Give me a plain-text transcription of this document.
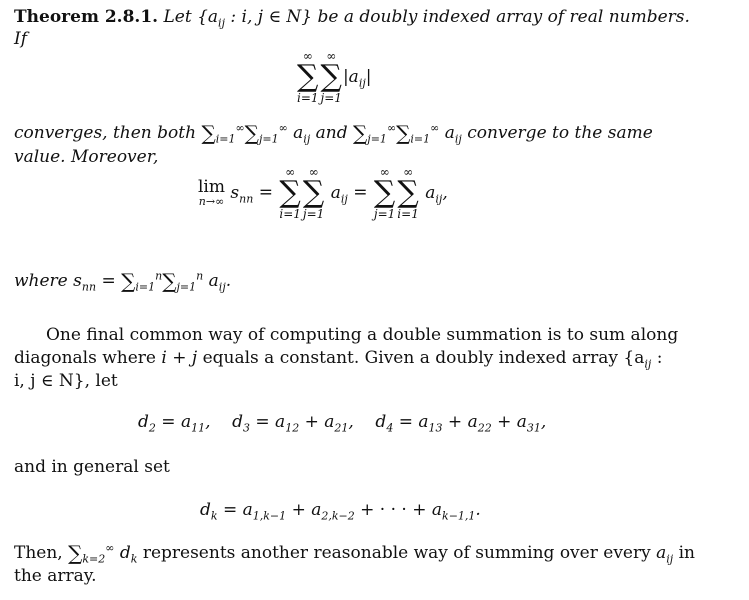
Theorem 2.8.1. Let {$a_{ij}$ : i, j ∈ N} be a doubly indexed array of real numbers.
If
∞
∑
i=1
∞
∑
j=1
$|a_{ij}|$
converges, then both $\sum_{i=1}^\infty\sum_{j=1}^\infty$ $a_{ij}$ and $\sum_{j=1}^\infty\sum_{i=1}^\infty$ $a_{ij}$ converge to the same
value. Moreover,
lim
n→∞ $s_{nn}$ =
∞
∑
i=1
∞
∑
j=1
$a_{ij}$ =
∞
∑
j=1
∞
∑
i=1
$a_{ij}$,
where $s_{nn} = \sum_{i=1}^n\sum_{j=1}^n$ $a_{ij}$.
One final common way of computing a double summation is to sum along
diagonals where i + j equals a constant. Given a doubly indexed array {$a_{ij}$ :
i, j ∈ N}, let
$d_2 = a_{11}$,    $d_3 = a_{12} + a_{21}$,    $d_4 = a_{13} + a_{22} + a_{31}$,
and in general set
$d_k = a_{1,k-1} + a_{2,k-2}$ + · · · + $a_{k-1,1}$.
Then, $\sum_{k=2}^\infty$ $d_k$ represents another reasonable way of summing over every $a_{ij}$ in
the array.
